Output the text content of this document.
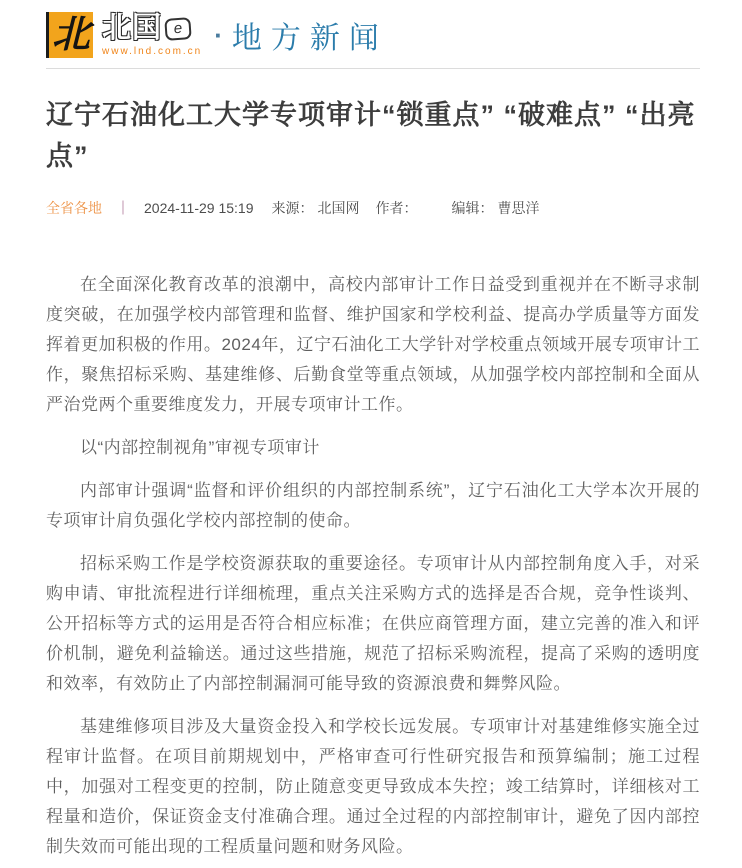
北 北国 e
www.lnd.com.cn
· 地方新闻
辽宁石油化工大学专项审计“锁重点” “破难点” “出亮点”
全省各地 ｜ 2024-11-29 15:19 来源： 北国网 作者： 编辑： 曹思洋

在全面深化教育改革的浪潮中，高校内部审计工作日益受到重视并在不断寻求制度突破，在加强学校内部管理和监督、维护国家和学校利益、提高办学质量等方面发挥着更加积极的作用。2024年，辽宁石油化工大学针对学校重点领域开展专项审计工作，聚焦招标采购、基建维修、后勤食堂等重点领域，从加强学校内部控制和全面从严治党两个重要维度发力，开展专项审计工作。

以“内部控制视角”审视专项审计

内部审计强调“监督和评价组织的内部控制系统”，辽宁石油化工大学本次开展的专项审计肩负强化学校内部控制的使命。

招标采购工作是学校资源获取的重要途径。专项审计从内部控制角度入手，对采购申请、审批流程进行详细梳理，重点关注采购方式的选择是否合规，竞争性谈判、公开招标等方式的运用是否符合相应标准；在供应商管理方面，建立完善的准入和评价机制，避免利益输送。通过这些措施，规范了招标采购流程，提高了采购的透明度和效率，有效防止了内部控制漏洞可能导致的资源浪费和舞弊风险。

基建维修项目涉及大量资金投入和学校长远发展。专项审计对基建维修实施全过程审计监督。在项目前期规划中，严格审查可行性研究报告和预算编制；施工过程中，加强对工程变更的控制，防止随意变更导致成本失控；竣工结算时，详细核对工程量和造价，保证资金支付准确合理。通过全过程的内部控制审计，避免了因内部控制失效而可能出现的工程质量问题和财务风险。
